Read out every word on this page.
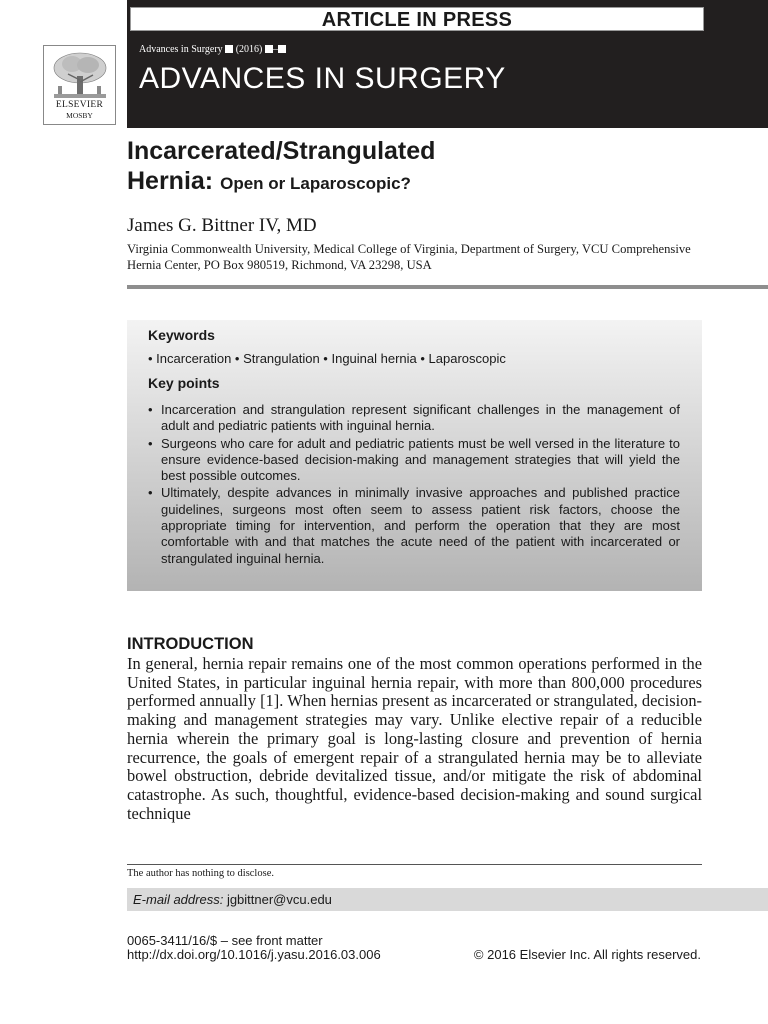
ELSEVIER
MOSBY
ARTICLE IN PRESS
Advances in Surgery (2016) –
ADVANCES IN SURGERY
Incarcerated/Strangulated
Hernia: Open or Laparoscopic?
James G. Bittner IV, MD
Virginia Commonwealth University, Medical College of Virginia, Department of Surgery, VCU Comprehensive Hernia Center, PO Box 980519, Richmond, VA 23298, USA
Keywords
• Incarceration • Strangulation • Inguinal hernia • Laparoscopic
Key points
• Incarceration and strangulation represent significant challenges in the management of adult and pediatric patients with inguinal hernia.
• Surgeons who care for adult and pediatric patients must be well versed in the literature to ensure evidence-based decision-making and management strategies that will yield the best possible outcomes.
• Ultimately, despite advances in minimally invasive approaches and published practice guidelines, surgeons most often seem to assess patient risk factors, choose the appropriate timing for intervention, and perform the operation that they are most comfortable with and that matches the acute need of the patient with incarcerated or strangulated inguinal hernia.
INTRODUCTION
In general, hernia repair remains one of the most common operations performed in the United States, in particular inguinal hernia repair, with more than 800,000 procedures performed annually [1]. When hernias present as incarcerated or strangulated, decision-making and management strategies may vary. Unlike elective repair of a reducible hernia wherein the primary goal is long-lasting closure and prevention of hernia recurrence, the goals of emergent repair of a strangulated hernia may be to alleviate bowel obstruction, debride devitalized tissue, and/or mitigate the risk of abdominal catastrophe. As such, thoughtful, evidence-based decision-making and sound surgical technique
The author has nothing to disclose.
E-mail address: jgbittner@vcu.edu
0065-3411/16/$ – see front matter
http://dx.doi.org/10.1016/j.yasu.2016.03.006	© 2016 Elsevier Inc. All rights reserved.
